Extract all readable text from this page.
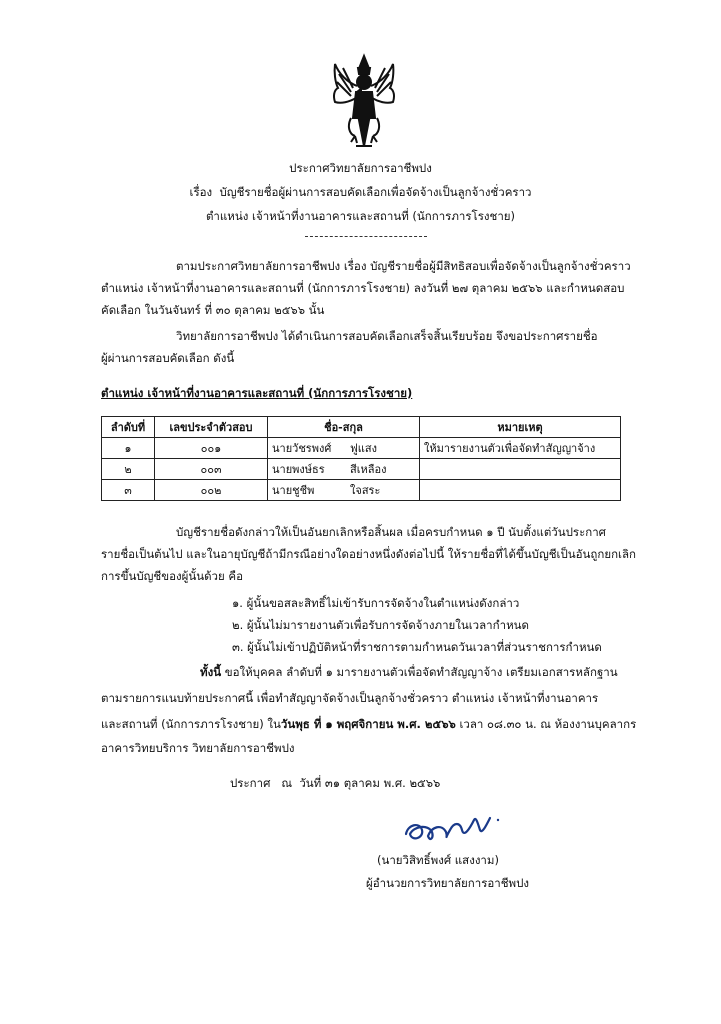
ประกาศวิทยาลัยการอาชีพปง
เรื่อง บัญชีรายชื่อผู้ผ่านการสอบคัดเลือกเพื่อจัดจ้างเป็นลูกจ้างชั่วคราว
ตำแหน่ง เจ้าหน้าที่งานอาคารและสถานที่ (นักการภารโรงชาย)
ตามประกาศวิทยาลัยการอาชีพปง เรื่อง บัญชีรายชื่อผู้มีสิทธิสอบเพื่อจัดจ้างเป็นลูกจ้างชั่วคราว
ตำแหน่ง เจ้าหน้าที่งานอาคารและสถานที่ (นักการภารโรงชาย) ลงวันที่ ๒๗ ตุลาคม ๒๕๖๖ และกำหนดสอบ
คัดเลือก ในวันจันทร์ ที่ ๓๐ ตุลาคม ๒๕๖๖ นั้น
วิทยาลัยการอาชีพปง ได้ดำเนินการสอบคัดเลือกเสร็จสิ้นเรียบร้อย จึงขอประกาศรายชื่อ
ผู้ผ่านการสอบคัดเลือก ดังนี้
ตำแหน่ง เจ้าหน้าที่งานอาคารและสถานที่ (นักการภารโรงชาย)
ลำดับที่	เลขประจำตัวสอบ	ชื่อ-สกุล	หมายเหตุ
๑	๐๐๑	นายวัชรพงศ์ ฟูแสง	ให้มารายงานตัวเพื่อจัดทำสัญญาจ้าง
๒	๐๐๓	นายพงษ์ธร สีเหลือง	
๓	๐๐๒	นายชูชีพ ใจสระ	
บัญชีรายชื่อดังกล่าวให้เป็นอันยกเลิกหรือสิ้นผล เมื่อครบกำหนด ๑ ปี นับตั้งแต่วันประกาศ
รายชื่อเป็นต้นไป และในอายุบัญชีถ้ามีกรณีอย่างใดอย่างหนึ่งดังต่อไปนี้ ให้รายชื่อที่ได้ขึ้นบัญชีเป็นอันถูกยกเลิก
การขึ้นบัญชีของผู้นั้นด้วย คือ
๑. ผู้นั้นขอสละสิทธิ์ไม่เข้ารับการจัดจ้างในตำแหน่งดังกล่าว
๒. ผู้นั้นไม่มารายงานตัวเพื่อรับการจัดจ้างภายในเวลากำหนด
๓. ผู้นั้นไม่เข้าปฏิบัติหน้าที่ราชการตามกำหนดวันเวลาที่ส่วนราชการกำหนด
ทั้งนี้ ขอให้บุคคล ลำดับที่ ๑ มารายงานตัวเพื่อจัดทำสัญญาจ้าง เตรียมเอกสารหลักฐาน
ตามรายการแนบท้ายประกาศนี้ เพื่อทำสัญญาจัดจ้างเป็นลูกจ้างชั่วคราว ตำแหน่ง เจ้าหน้าที่งานอาคาร
และสถานที่ (นักการภารโรงชาย) ในวันพุธ ที่ ๑ พฤศจิกายน พ.ศ. ๒๕๖๖ เวลา ๐๘.๓๐ น. ณ ห้องงานบุคลากร
อาคารวิทยบริการ วิทยาลัยการอาชีพปง
ประกาศ   ณ  วันที่ ๓๑ ตุลาคม พ.ศ. ๒๕๖๖
(นายวิสิทธิ์พงศ์ แสงงาม)
ผู้อำนวยการวิทยาลัยการอาชีพปง
